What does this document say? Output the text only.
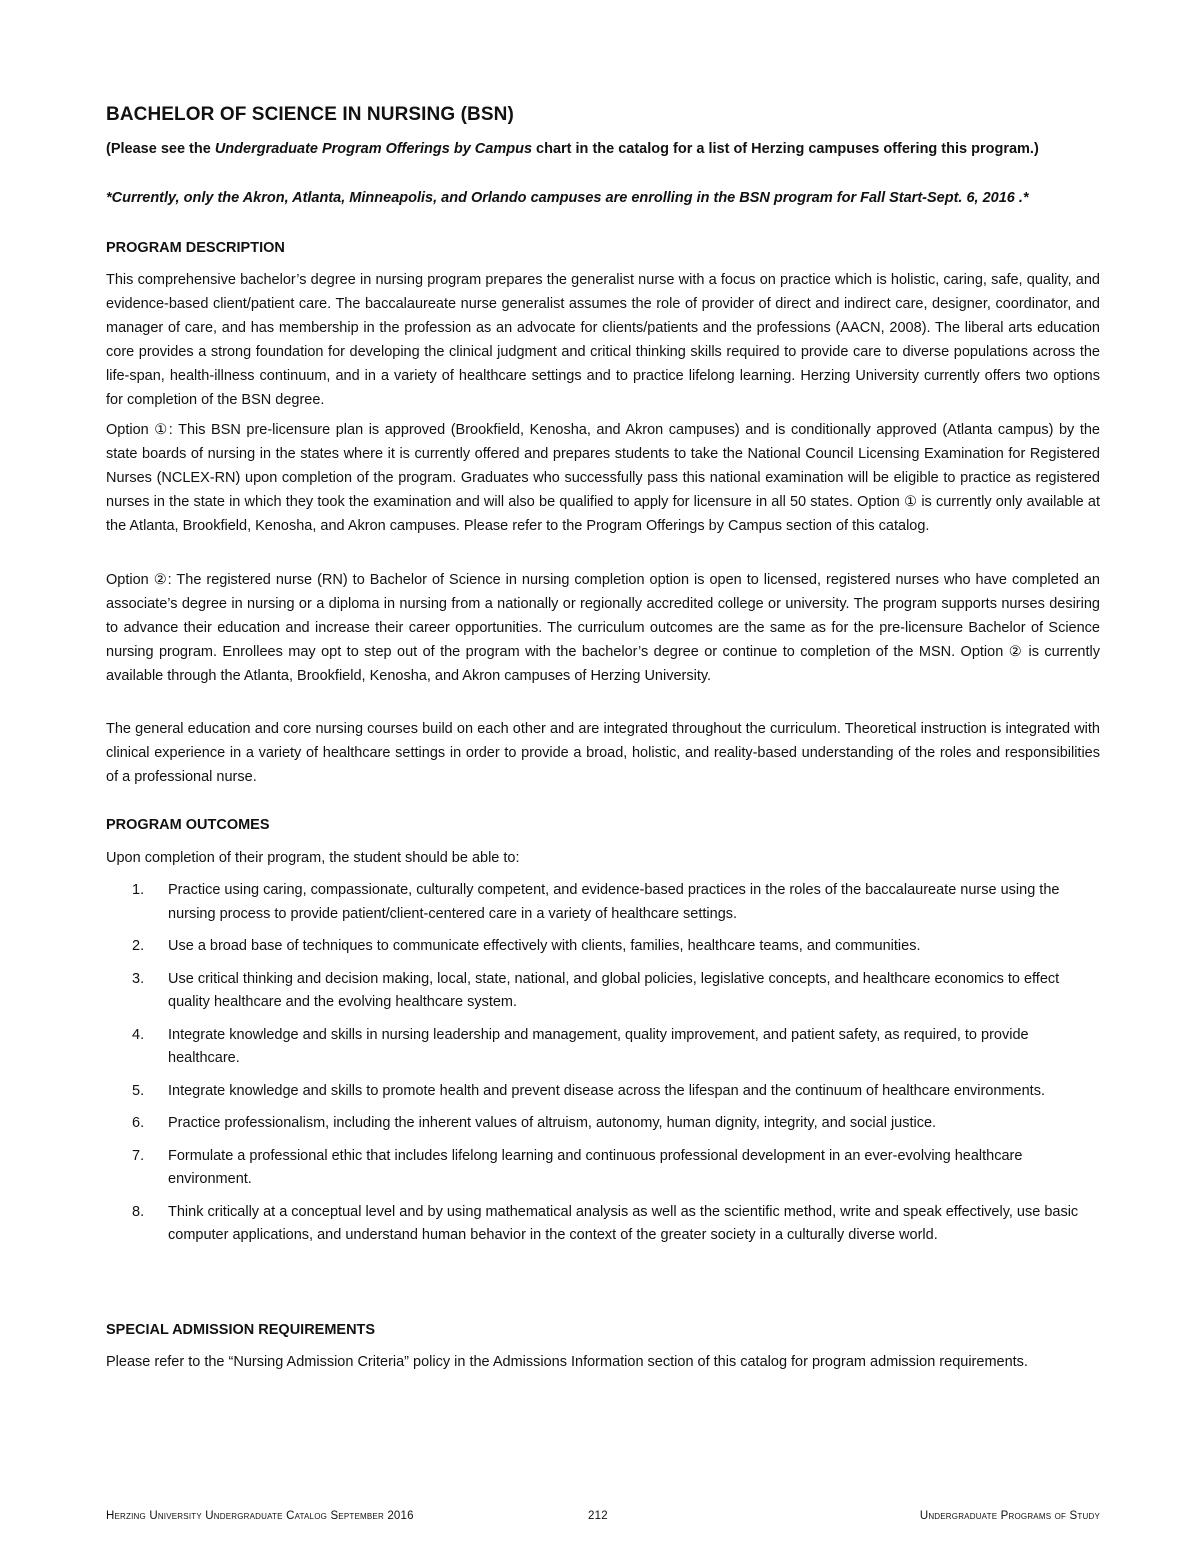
BACHELOR OF SCIENCE IN NURSING (BSN)
(Please see the Undergraduate Program Offerings by Campus chart in the catalog for a list of Herzing campuses offering this program.)
*Currently, only the Akron, Atlanta, Minneapolis, and Orlando campuses are enrolling in the BSN program for Fall Start-Sept. 6, 2016 .*
PROGRAM DESCRIPTION

This comprehensive bachelor’s degree in nursing program prepares the generalist nurse with a focus on practice which is holistic, caring, safe, quality, and evidence-based client/patient care. The baccalaureate nurse generalist assumes the role of provider of direct and indirect care, designer, coordinator, and manager of care, and has membership in the profession as an advocate for clients/patients and the professions (AACN, 2008). The liberal arts education core provides a strong foundation for developing the clinical judgment and critical thinking skills required to provide care to diverse populations across the life-span, health-illness continuum, and in a variety of healthcare settings and to practice lifelong learning. Herzing University currently offers two options for completion of the BSN degree.

Option ①: This BSN pre-licensure plan is approved (Brookfield, Kenosha, and Akron campuses) and is conditionally approved (Atlanta campus) by the state boards of nursing in the states where it is currently offered and prepares students to take the National Council Licensing Examination for Registered Nurses (NCLEX-RN) upon completion of the program. Graduates who successfully pass this national examination will be eligible to practice as registered nurses in the state in which they took the examination and will also be qualified to apply for licensure in all 50 states. Option ① is currently only available at the Atlanta, Brookfield, Kenosha, and Akron campuses. Please refer to the Program Offerings by Campus section of this catalog.

Option ②: The registered nurse (RN) to Bachelor of Science in nursing completion option is open to licensed, registered nurses who have completed an associate’s degree in nursing or a diploma in nursing from a nationally or regionally accredited college or university. The program supports nurses desiring to advance their education and increase their career opportunities. The curriculum outcomes are the same as for the pre-licensure Bachelor of Science nursing program. Enrollees may opt to step out of the program with the bachelor’s degree or continue to completion of the MSN. Option ② is currently available through the Atlanta, Brookfield, Kenosha, and Akron campuses of Herzing University.

The general education and core nursing courses build on each other and are integrated throughout the curriculum. Theoretical instruction is integrated with clinical experience in a variety of healthcare settings in order to provide a broad, holistic, and reality-based understanding of the roles and responsibilities of a professional nurse.

PROGRAM OUTCOMES
Upon completion of their program, the student should be able to:
1. Practice using caring, compassionate, culturally competent, and evidence-based practices in the roles of the baccalaureate nurse using the nursing process to provide patient/client-centered care in a variety of healthcare settings.
2. Use a broad base of techniques to communicate effectively with clients, families, healthcare teams, and communities.
3. Use critical thinking and decision making, local, state, national, and global policies, legislative concepts, and healthcare economics to effect quality healthcare and the evolving healthcare system.
4. Integrate knowledge and skills in nursing leadership and management, quality improvement, and patient safety, as required, to provide healthcare.
5. Integrate knowledge and skills to promote health and prevent disease across the lifespan and the continuum of healthcare environments.
6. Practice professionalism, including the inherent values of altruism, autonomy, human dignity, integrity, and social justice.
7. Formulate a professional ethic that includes lifelong learning and continuous professional development in an ever-evolving healthcare environment.
8. Think critically at a conceptual level and by using mathematical analysis as well as the scientific method, write and speak effectively, use basic computer applications, and understand human behavior in the context of the greater society in a culturally diverse world.
SPECIAL ADMISSION REQUIREMENTS

Please refer to the “Nursing Admission Criteria” policy in the Admissions Information section of this catalog for program admission requirements.

Herzing University Undergraduate Catalog September 2016	212	Undergraduate Programs of Study
